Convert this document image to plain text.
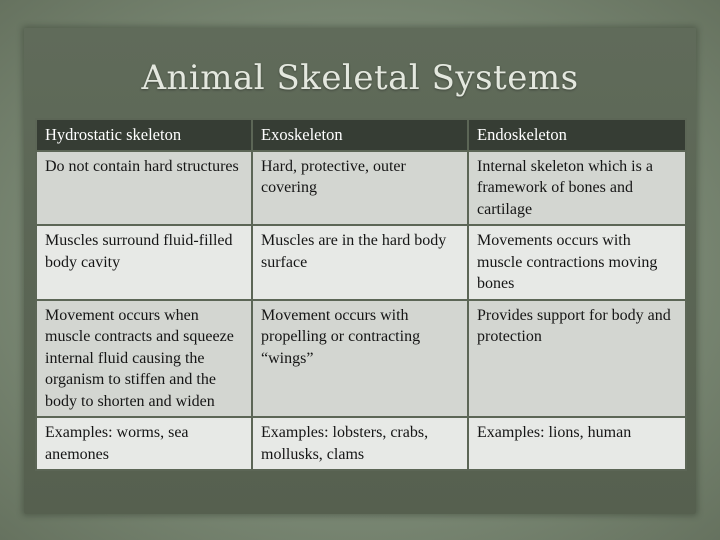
Animal Skeletal Systems
Hydrostatic skeleton	Exoskeleton	Endoskeleton
Do not contain hard structures	Hard, protective, outer covering	Internal skeleton which is a framework of bones and cartilage
Muscles surround fluid-filled body cavity	Muscles are in the hard body surface	Movements occurs with muscle contractions moving bones
Movement occurs when muscle contracts and squeeze internal fluid causing the organism to stiffen and the body to shorten and widen	Movement occurs with propelling or contracting “wings”	Provides support for body and protection
Examples: worms, sea anemones	Examples: lobsters, crabs, mollusks, clams	Examples: lions, human
